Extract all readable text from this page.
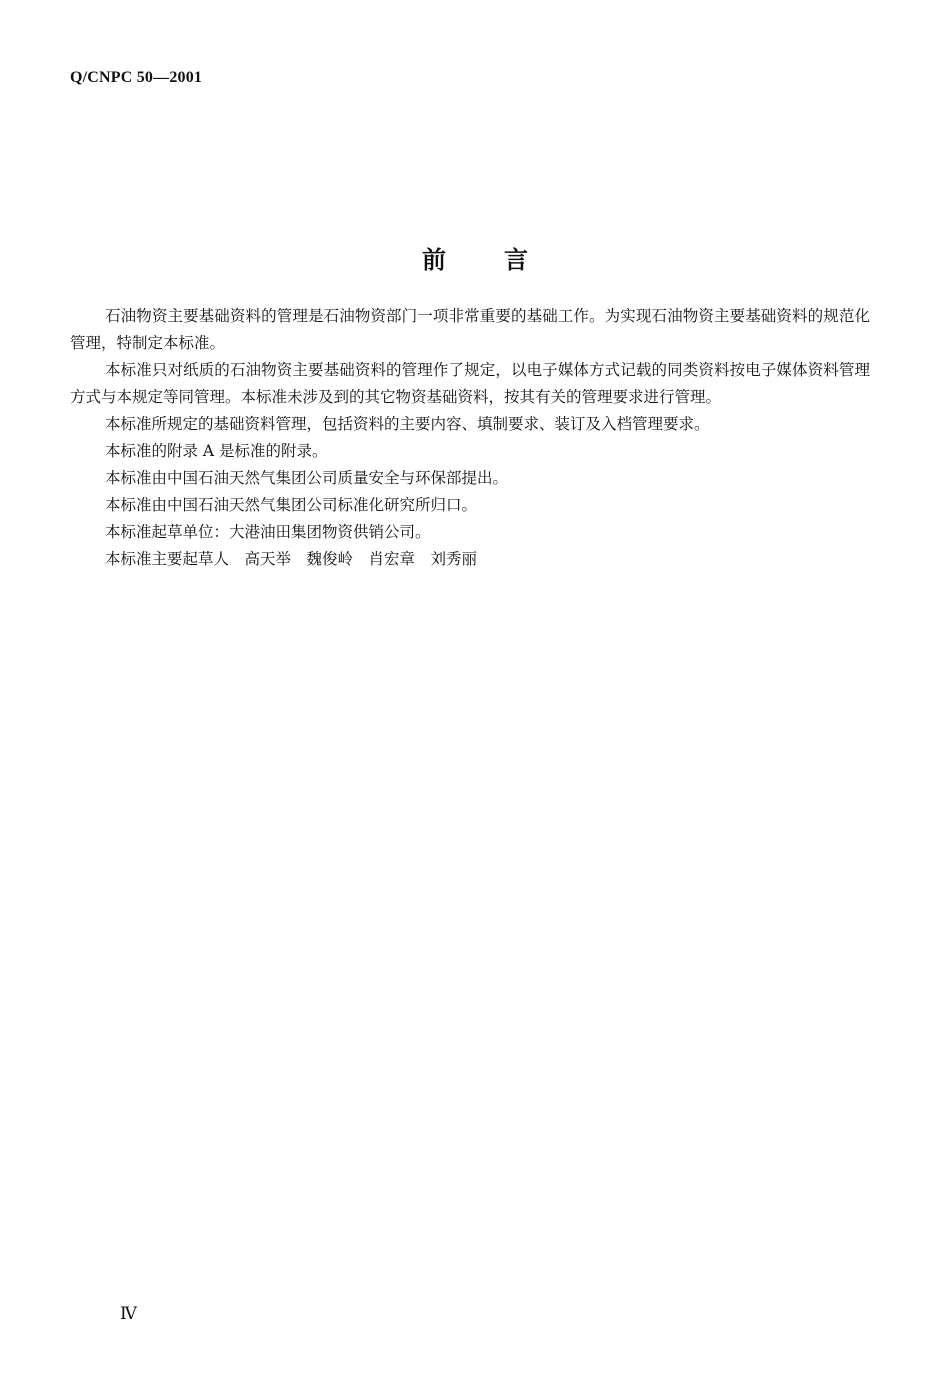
Q/CNPC 50—2001
前 言

石油物资主要基础资料的管理是石油物资部门一项非常重要的基础工作。为实现石油物资主要基础资料的规范化管理，特制定本标准。

本标准只对纸质的石油物资主要基础资料的管理作了规定，以电子媒体方式记载的同类资料按电子媒体资料管理方式与本规定等同管理。本标准未涉及到的其它物资基础资料，按其有关的管理要求进行管理。

本标准所规定的基础资料管理，包括资料的主要内容、填制要求、装订及入档管理要求。

本标准的附录 A 是标准的附录。

本标准由中国石油天然气集团公司质量安全与环保部提出。

本标准由中国石油天然气集团公司标准化研究所归口。

本标准起草单位：大港油田集团物资供销公司。

本标准主要起草人　高天举　魏俊岭　肖宏章　刘秀丽

Ⅳ
